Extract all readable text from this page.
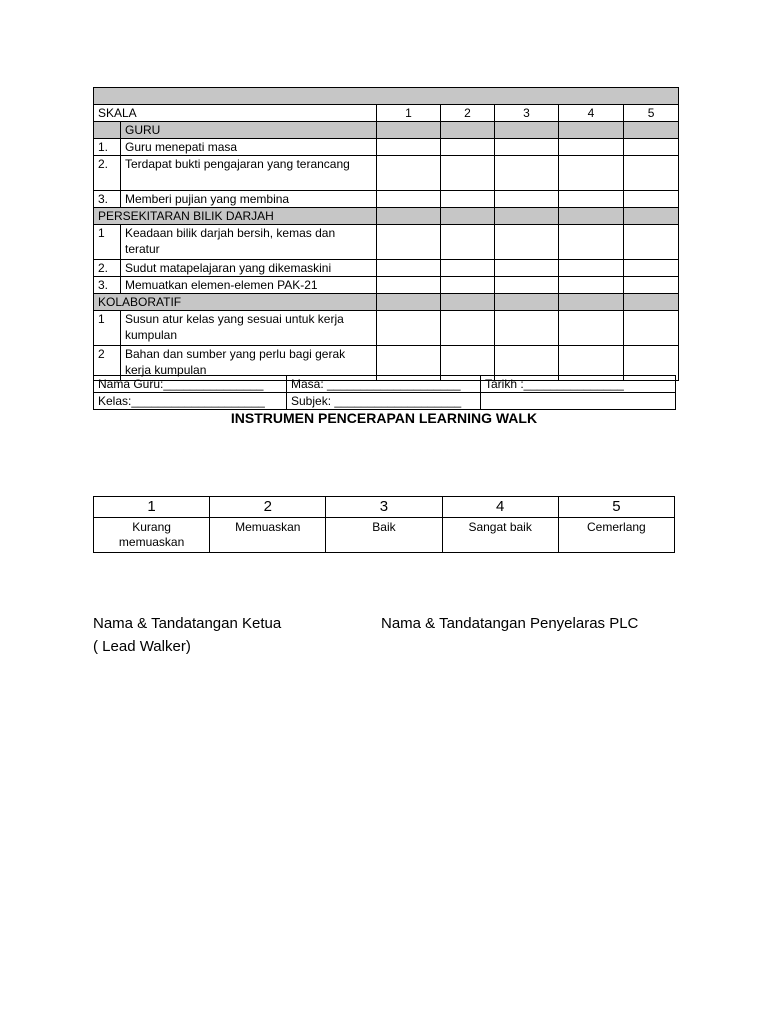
SKALA		1	2	3	4	5
	GURU					
1.	Guru menepati masa					
2.	Terdapat bukti pengajaran yang terancang					
3.	Memberi pujian yang membina					
PERSEKITARAN BILIK DARJAH						
1	Keadaan bilik darjah bersih, kemas dan teratur					
2.	Sudut matapelajaran yang dikemaskini					
3.	Memuatkan elemen-elemen PAK-21					
KOLABORATIF						
1	Susun atur kelas yang sesuai untuk kerja kumpulan					
2	Bahan dan sumber yang perlu bagi gerak kerja kumpulan					
Nama Guru:_______________	Masa: ____________________	Tarikh :_______________
Kelas:____________________	Subjek: ___________________	
INSTRUMEN PENCERAPAN LEARNING WALK
1	2	3	4	5
Kurang memuaskan	Memuaskan	Baik	Sangat baik	Cemerlang
Nama & Tandatangan Ketua
( Lead Walker)
Nama & Tandatangan Penyelaras PLC
